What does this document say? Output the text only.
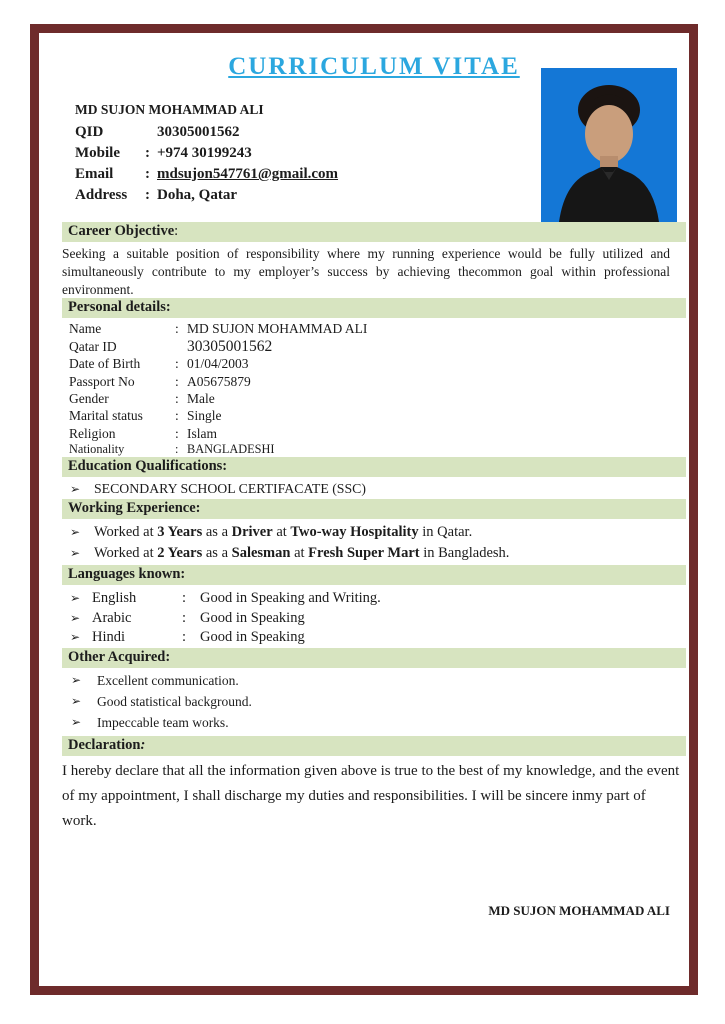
CURRICULUM VITAE
MD SUJON MOHAMMAD ALI
QID	30305001562
Mobile	: +974 30199243
Email	: mdsujon547761@gmail.com
Address	: Doha, Qatar
Career Objective:

Seeking a suitable position of responsibility where my running experience would be fully utilized and simultaneously contribute to my employer’s success by achieving thecommon goal within professional environment.

Personal details:
Name	: MD SUJON MOHAMMAD ALI
Qatar ID	30305001562
Date of Birth	: 01/04/2003
Passport No	: A05675879
Gender	: Male
Marital status	: Single
Religion	: Islam
Nationality	: BANGLADESHI
Education Qualifications:
➢	SECONDARY SCHOOL CERTIFACATE (SSC)
Working Experience:
➢ Worked at 3 Years as a Driver at Two-way Hospitality in Qatar.
➢ Worked at 2 Years as a Salesman at Fresh Super Mart in Bangladesh.
Languages known:
➢ English	: Good in Speaking and Writing.
➢ Arabic	: Good in Speaking
➢ Hindi	: Good in Speaking
Other Acquired:
➢	Excellent communication.
➢	Good statistical background.
➢	Impeccable team works.
Declaration:

I hereby declare that all the information given above is true to the best of my knowledge, and the event of my appointment, I shall discharge my duties and responsibilities. I will be sincere inmy part of work.

MD SUJON MOHAMMAD ALI
